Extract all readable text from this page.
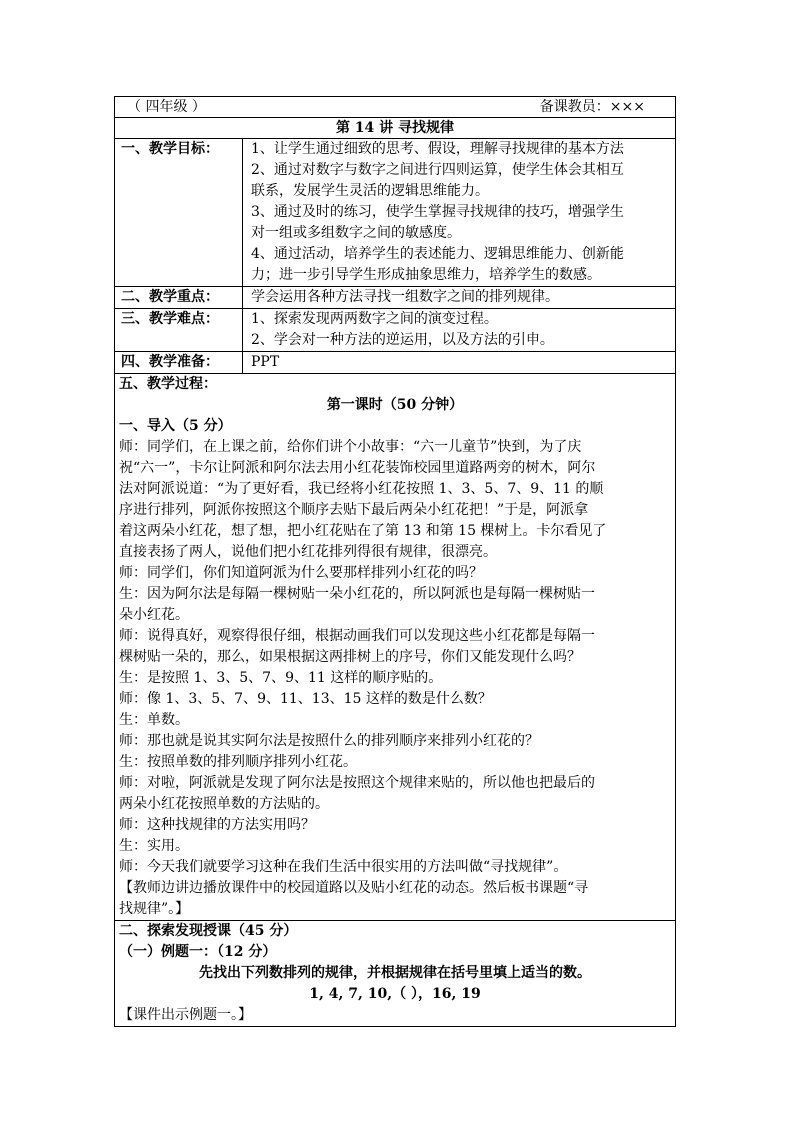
（ 四年级 ）	备课教员：×××
第 14 讲 寻找规律
一、教学目标：	1、让学生通过细致的思考、假设，理解寻找规律的基本方法

2、通过对数字与数字之间进行四则运算，使学生体会其相互

联系，发展学生灵活的逻辑思维能力。

3、通过及时的练习，使学生掌握寻找规律的技巧，增强学生

对一组或多组数字之间的敏感度。

4、通过活动，培养学生的表述能力、逻辑思维能力、创新能

力；进一步引导学生形成抽象思维力，培养学生的数感。

二、教学重点：	学会运用各种方法寻找一组数字之间的排列规律。
三、教学难点：	1、探索发现两两数字之间的演变过程。

2、学会对一种方法的逆运用，以及方法的引申。

四、教学准备：	PPT

五、教学过程：

第一课时（50 分钟）

一、导入（5 分）

师：同学们，在上课之前，给你们讲个小故事：“六一儿童节”快到，为了庆

祝“六一”，卡尔让阿派和阿尔法去用小红花装饰校园里道路两旁的树木，阿尔

法对阿派说道：“为了更好看，我已经将小红花按照 1、3、5、7、9、11 的顺

序进行排列，阿派你按照这个顺序去贴下最后两朵小红花把！”于是，阿派拿

着这两朵小红花，想了想，把小红花贴在了第 13 和第 15 棵树上。卡尔看见了

直接表扬了两人，说他们把小红花排列得很有规律，很漂亮。

师：同学们，你们知道阿派为什么要那样排列小红花的吗？

生：因为阿尔法是每隔一棵树贴一朵小红花的，所以阿派也是每隔一棵树贴一

朵小红花。

师：说得真好，观察得很仔细，根据动画我们可以发现这些小红花都是每隔一

棵树贴一朵的，那么，如果根据这两排树上的序号，你们又能发现什么吗？

生：是按照 1、3、5、7、9、11 这样的顺序贴的。

师：像 1、3、5、7、9、11、13、15 这样的数是什么数？

生：单数。

师：那也就是说其实阿尔法是按照什么的排列顺序来排列小红花的？

生：按照单数的排列顺序排列小红花。

师：对啦，阿派就是发现了阿尔法是按照这个规律来贴的，所以他也把最后的

两朵小红花按照单数的方法贴的。

师：这种找规律的方法实用吗？

生：实用。

师：今天我们就要学习这种在我们生活中很实用的方法叫做“寻找规律”。

【教师边讲边播放课件中的校园道路以及贴小红花的动态。然后板书课题“寻

找规律”。】

二、探索发现授课（45 分）

（一）例题一：（12 分）

先找出下列数排列的规律，并根据规律在括号里填上适当的数。

1, 4, 7, 10,（ ），16, 19

【课件出示例题一。】
